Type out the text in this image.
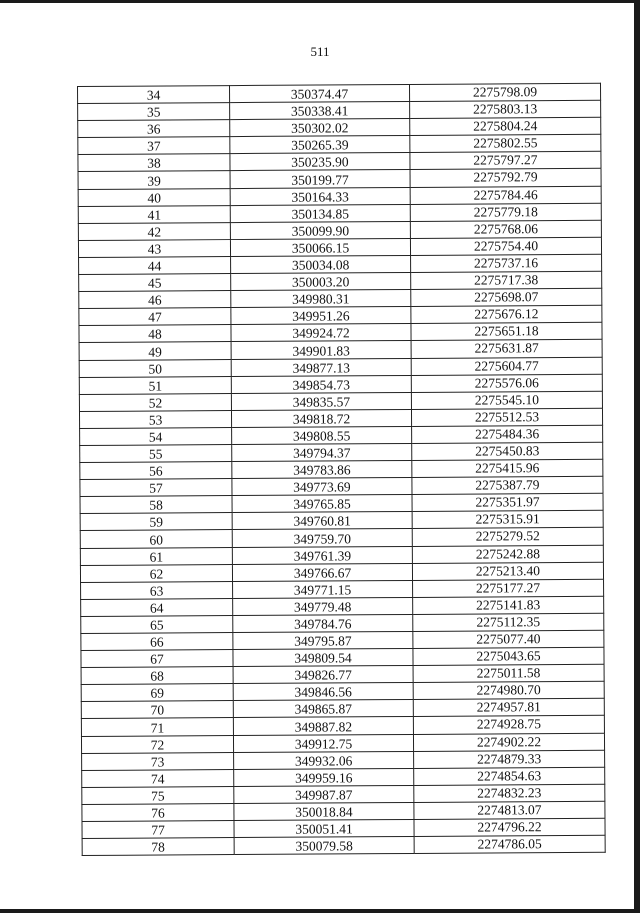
511
34	350374.47	2275798.09
35	350338.41	2275803.13
36	350302.02	2275804.24
37	350265.39	2275802.55
38	350235.90	2275797.27
39	350199.77	2275792.79
40	350164.33	2275784.46
41	350134.85	2275779.18
42	350099.90	2275768.06
43	350066.15	2275754.40
44	350034.08	2275737.16
45	350003.20	2275717.38
46	349980.31	2275698.07
47	349951.26	2275676.12
48	349924.72	2275651.18
49	349901.83	2275631.87
50	349877.13	2275604.77
51	349854.73	2275576.06
52	349835.57	2275545.10
53	349818.72	2275512.53
54	349808.55	2275484.36
55	349794.37	2275450.83
56	349783.86	2275415.96
57	349773.69	2275387.79
58	349765.85	2275351.97
59	349760.81	2275315.91
60	349759.70	2275279.52
61	349761.39	2275242.88
62	349766.67	2275213.40
63	349771.15	2275177.27
64	349779.48	2275141.83
65	349784.76	2275112.35
66	349795.87	2275077.40
67	349809.54	2275043.65
68	349826.77	2275011.58
69	349846.56	2274980.70
70	349865.87	2274957.81
71	349887.82	2274928.75
72	349912.75	2274902.22
73	349932.06	2274879.33
74	349959.16	2274854.63
75	349987.87	2274832.23
76	350018.84	2274813.07
77	350051.41	2274796.22
78	350079.58	2274786.05
